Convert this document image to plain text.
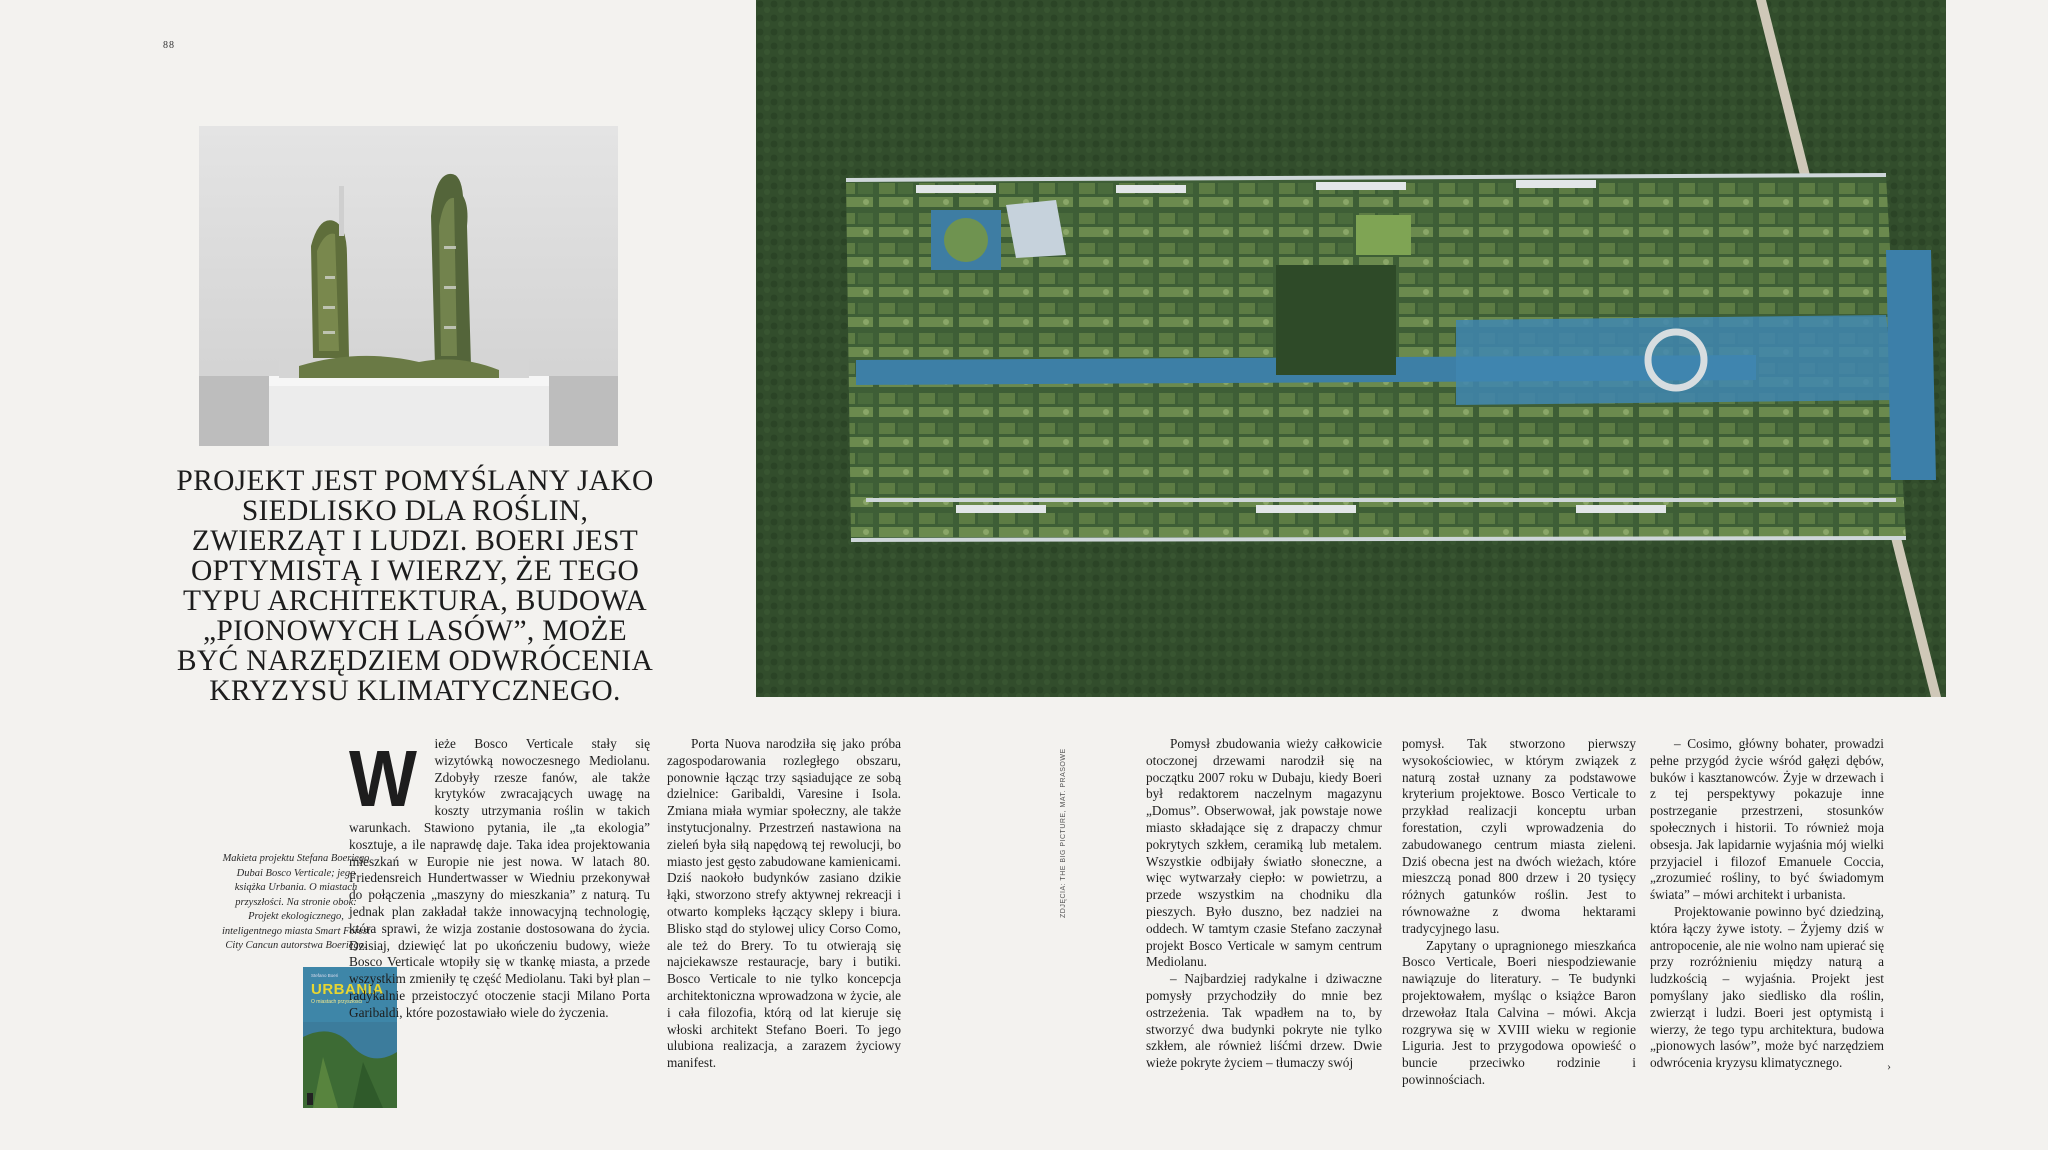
88
PROJEKT JEST POMYŚLANY JAKO SIEDLISKO DLA ROŚLIN, ZWIERZĄT I LUDZI. BOERI JEST OPTYMISTĄ I WIERZY, ŻE TEGO TYPU ARCHITEKTURA, BUDOWA „PIONOWYCH LASÓW”, MOŻE BYĆ NARZĘDZIEM ODWRÓCENIA KRYZYSU KLIMATYCZNEGO.
Makieta projektu Stefana Boeriego Dubai Bosco Verticale; jego książka Urbania. O miastach przyszłości. Na stronie obok: Projekt ekologicznego, inteligentnego miasta Smart Forest City Cancun autorstwa Boeriego.
Stefano Boeri
URBANIA
O miastach przyszłości
W	ieże Bosco Verticale stały się wizytówką nowoczesnego Mediolanu. Zdobyły rzesze fanów, ale także krytyków zwracających uwagę na koszty utrzymania roślin w takich warunkach. Stawiono pytania, ile „ta ekologia” kosztuje, a ile naprawdę daje. Taka idea projektowania mieszkań w Europie nie jest nowa. W latach 80. Friedensreich Hundertwasser w Wiedniu przekonywał do połączenia „maszyny do mieszkania” z naturą. Tu jednak plan zakładał także innowacyjną technologię, która sprawi, że wizja zostanie dostosowana do życia. Dzisiaj, dziewięć lat po ukończeniu budowy, wieże Bosco Verticale wtopiły się w tkankę miasta, a przede wszystkim zmieniły tę część Mediolanu. Taki był plan – radykalnie przeistoczyć otoczenie stacji Milano Porta Garibaldi, które pozostawiało wiele do życzenia.

Porta Nuova narodziła się jako próba zagospodarowania rozległego obszaru, ponownie łącząc trzy sąsiadujące ze sobą dzielnice: Garibaldi, Varesine i Isola. Zmiana miała wymiar społeczny, ale także instytucjonalny. Przestrzeń nastawiona na zieleń była siłą napędową tej rewolucji, bo miasto jest gęsto zabudowane kamienicami. Dziś naokoło budynków zasiano dzikie łąki, stworzono strefy aktywnej rekreacji i otwarto kompleks łączący sklepy i biura. Blisko stąd do stylowej ulicy Corso Como, ale też do Brery. To tu otwierają się najciekawsze restauracje, bary i butiki. Bosco Verticale to nie tylko koncepcja architektoniczna wprowadzona w życie, ale i cała filozofia, którą od lat kieruje się włoski architekt Stefano Boeri. To jego ulubiona realizacja, a zarazem życiowy manifest.

ZDJĘCIA: THE BIG PICTURE, MAT. PRASOWE

Pomysł zbudowania wieży całkowicie otoczonej drzewami narodził się na początku 2007 roku w Dubaju, kiedy Boeri był redaktorem naczelnym magazynu „Domus”. Obserwował, jak powstaje nowe miasto składające się z drapaczy chmur pokrytych szkłem, ceramiką lub metalem. Wszystkie odbijały światło słoneczne, a więc wytwarzały ciepło: w powietrzu, a przede wszystkim na chodniku dla pieszych. Było duszno, bez nadziei na oddech. W tamtym czasie Stefano zaczynał projekt Bosco Verticale w samym centrum Mediolanu.

– Najbardziej radykalne i dziwaczne pomysły przychodziły do mnie bez ostrzeżenia. Tak wpadłem na to, by stworzyć dwa budynki pokryte nie tylko szkłem, ale również liśćmi drzew. Dwie wieże pokryte życiem – tłumaczy swój

pomysł. Tak stworzono pierwszy wysokościowiec, w którym związek z naturą został uznany za podstawowe kryterium projektowe. Bosco Verticale to przykład realizacji konceptu urban forestation, czyli wprowadzenia do zabudowanego centrum miasta zieleni. Dziś obecna jest na dwóch wieżach, które mieszczą ponad 800 drzew i 20 tysięcy różnych gatunków roślin. Jest to równoważne z dwoma hektarami tradycyjnego lasu.

Zapytany o upragnionego mieszkańca Bosco Verticale, Boeri niespodziewanie nawiązuje do literatury. – Te budynki projektowałem, myśląc o książce Baron drzewołaz Itala Calvina – mówi. Akcja rozgrywa się w XVIII wieku w regionie Liguria. Jest to przygodowa opowieść o buncie przeciwko rodzinie i powinnościach.

– Cosimo, główny bohater, prowadzi pełne przygód życie wśród gałęzi dębów, buków i kasztanowców. Żyje w drzewach i z tej perspektywy pokazuje inne postrzeganie przestrzeni, stosunków społecznych i historii. To również moja obsesja. Jak lapidarnie wyjaśnia mój wielki przyjaciel i filozof Emanuele Coccia, „zrozumieć rośliny, to być świadomym świata” – mówi architekt i urbanista.

Projektowanie powinno być dziedziną, która łączy żywe istoty. – Żyjemy dziś w antropocenie, ale nie wolno nam upierać się przy rozróżnieniu między naturą a ludzkością – wyjaśnia. Projekt jest pomyślany jako siedlisko dla roślin, zwierząt i ludzi. Boeri jest optymistą i wierzy, że tego typu architektura, budowa „pionowych lasów”, może być narzędziem odwrócenia kryzysu klimatycznego.	›
